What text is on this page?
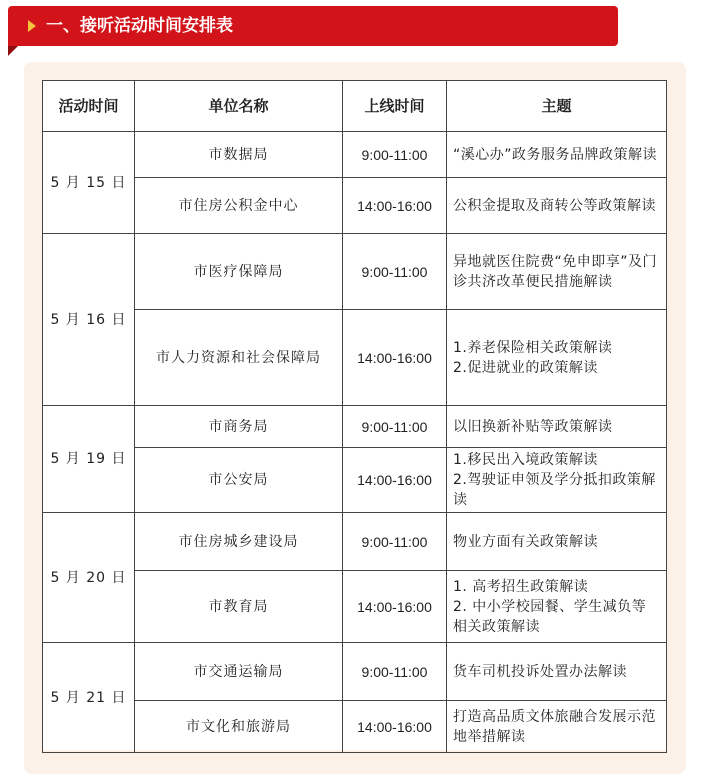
一、接听活动时间安排表
活动时间	单位名称	上线时间	主题
5 月 15 日	市数据局	9:00-11:00	“溪心办”政务服务品牌政策解读

	市住房公积金中心	14:00-16:00	公积金提取及商转公等政策解读

5 月 16 日	市医疗保障局	9:00-11:00	异地就医住院费“免申即享”及门诊共济改革便民措施解读

	市人力资源和社会保障局	14:00-16:00	1.养老保险相关政策解读
2.促进就业的政策解读

5 月 19 日	市商务局	9:00-11:00	以旧换新补贴等政策解读

	市公安局	14:00-16:00	1.移民出入境政策解读
2.驾驶证申领及学分抵扣政策解读

5 月 20 日	市住房城乡建设局	9:00-11:00	物业方面有关政策解读

	市教育局	14:00-16:00	1. 高考招生政策解读
2. 中小学校园餐、学生减负等相关政策解读

5 月 21 日	市交通运输局	9:00-11:00	货车司机投诉处置办法解读

	市文化和旅游局	14:00-16:00	打造高品质文体旅融合发展示范地举措解读
